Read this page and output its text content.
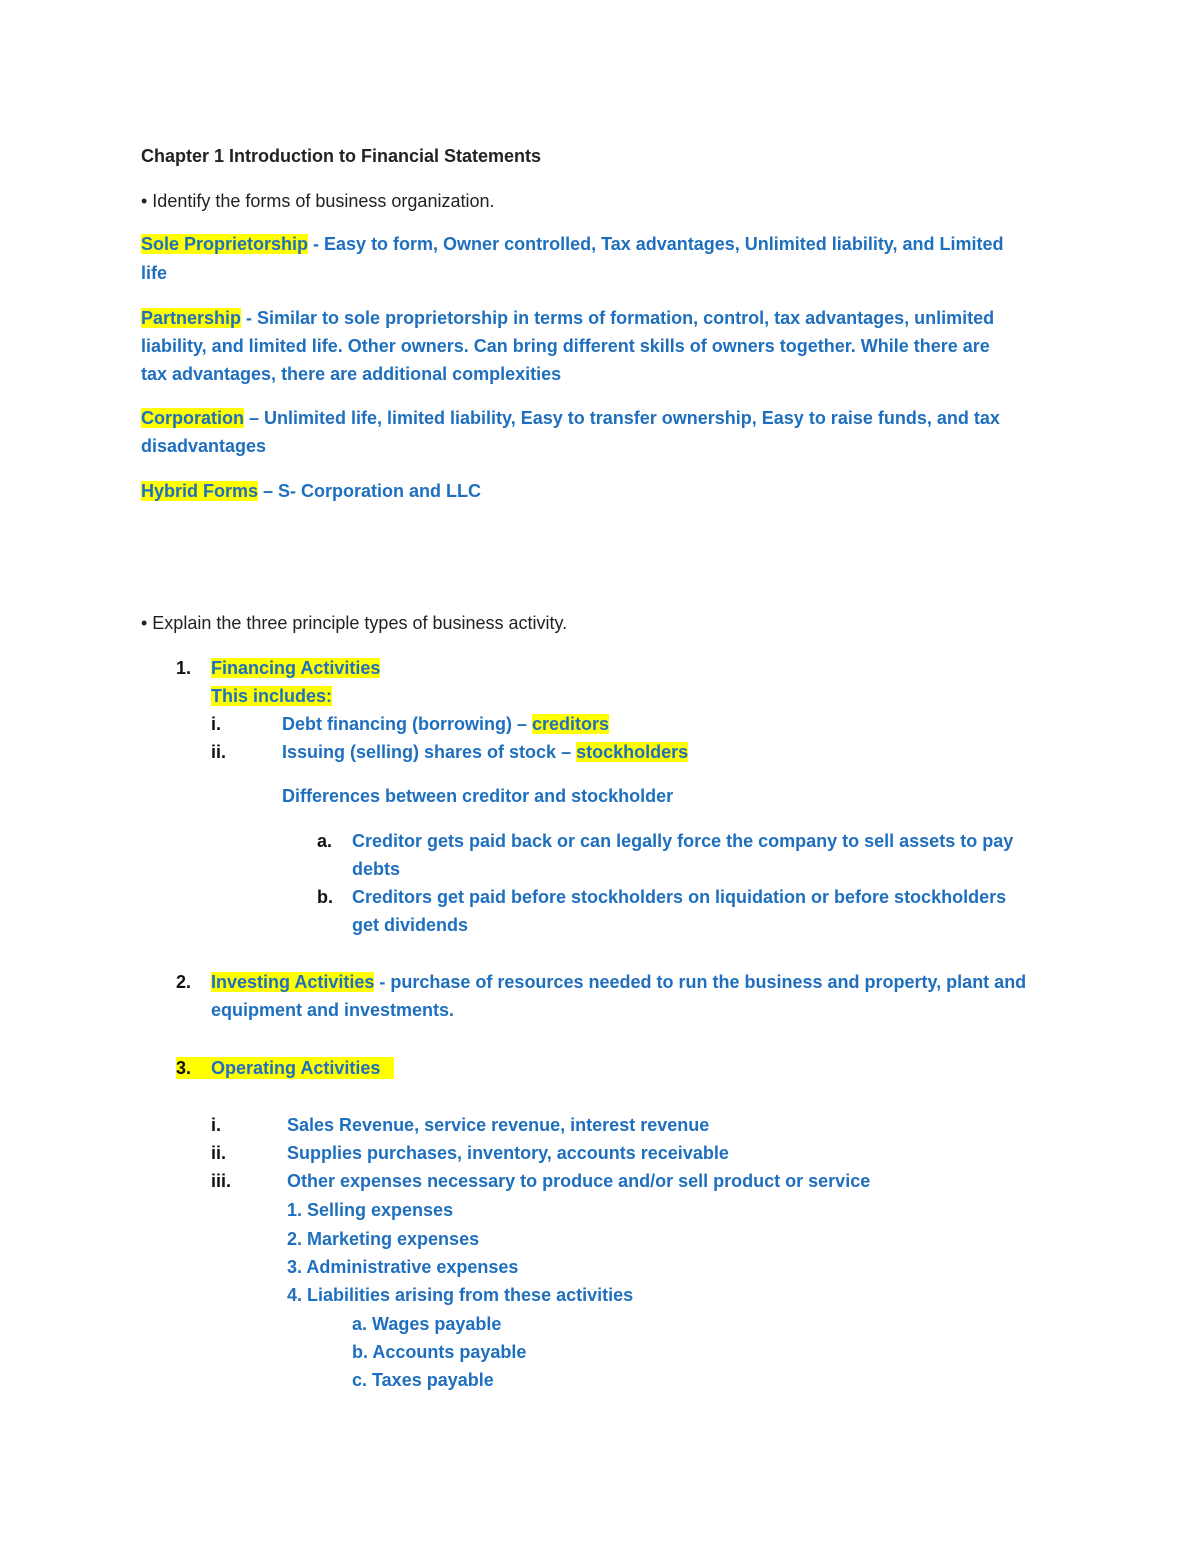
Chapter 1 Introduction to Financial Statements
• Identify the forms of business organization.
Sole Proprietorship - Easy to form, Owner controlled, Tax advantages, Unlimited liability, and Limited
life
Partnership - Similar to sole proprietorship in terms of formation, control, tax advantages, unlimited
liability, and limited life. Other owners. Can bring different skills of owners together. While there are
tax advantages, there are additional complexities
Corporation – Unlimited life, limited liability, Easy to transfer ownership, Easy to raise funds, and tax
disadvantages
Hybrid Forms – S- Corporation and LLC
• Explain the three principle types of business activity.
1. Financing Activities
This includes:
i.	Debt financing (borrowing) – creditors
ii.	Issuing (selling) shares of stock – stockholders
Differences between creditor and stockholder
a. Creditor gets paid back or can legally force the company to sell assets to pay
debts
b. Creditors get paid before stockholders on liquidation or before stockholders
get dividends
2. Investing Activities - purchase of resources needed to run the business and property, plant and
equipment and investments.
3. Operating Activities
i.	Sales Revenue, service revenue, interest revenue
ii.	Supplies purchases, inventory, accounts receivable
iii.	Other expenses necessary to produce and/or sell product or service
1. Selling expenses
2. Marketing expenses
3. Administrative expenses
4. Liabilities arising from these activities
a. Wages payable
b. Accounts payable
c. Taxes payable
